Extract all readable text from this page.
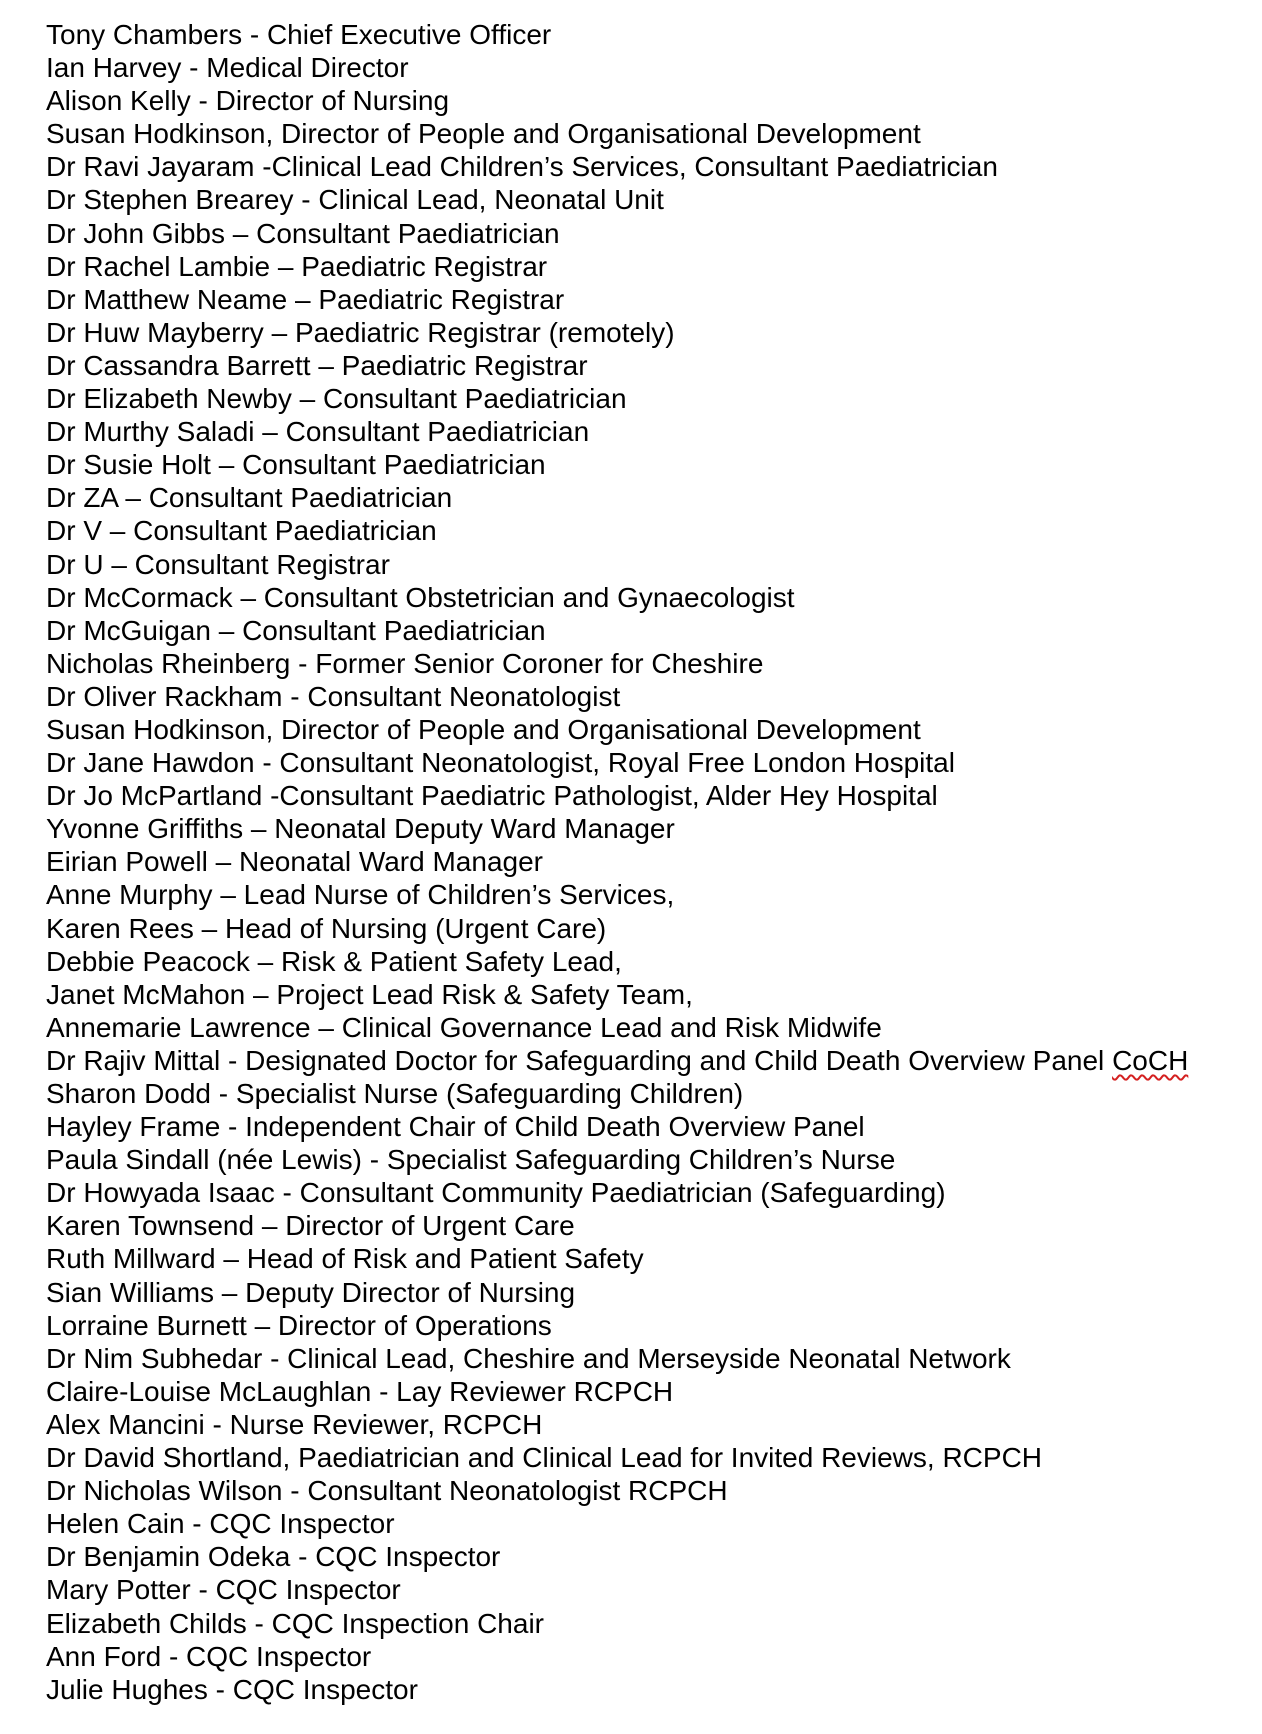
Tony Chambers - Chief Executive Officer

Ian Harvey - Medical Director

Alison Kelly - Director of Nursing

Susan Hodkinson, Director of People and Organisational Development

Dr Ravi Jayaram -Clinical Lead Children’s Services, Consultant Paediatrician

Dr Stephen Brearey - Clinical Lead, Neonatal Unit

Dr John Gibbs – Consultant Paediatrician

Dr Rachel Lambie – Paediatric Registrar

Dr Matthew Neame – Paediatric Registrar

Dr Huw Mayberry – Paediatric Registrar (remotely)

Dr Cassandra Barrett – Paediatric Registrar

Dr Elizabeth Newby – Consultant Paediatrician

Dr Murthy Saladi – Consultant Paediatrician

Dr Susie Holt – Consultant Paediatrician

Dr ZA – Consultant Paediatrician

Dr V – Consultant Paediatrician

Dr U – Consultant Registrar

Dr McCormack – Consultant Obstetrician and Gynaecologist

Dr McGuigan – Consultant Paediatrician

Nicholas Rheinberg - Former Senior Coroner for Cheshire

Dr Oliver Rackham - Consultant Neonatologist

Susan Hodkinson, Director of People and Organisational Development

Dr Jane Hawdon - Consultant Neonatologist, Royal Free London Hospital

Dr Jo McPartland -Consultant Paediatric Pathologist, Alder Hey Hospital

Yvonne Griffiths – Neonatal Deputy Ward Manager

Eirian Powell – Neonatal Ward Manager

Anne Murphy – Lead Nurse of Children’s Services,

Karen Rees – Head of Nursing (Urgent Care)

Debbie Peacock – Risk & Patient Safety Lead,

Janet McMahon – Project Lead Risk & Safety Team,

Annemarie Lawrence – Clinical Governance Lead and Risk Midwife

Dr Rajiv Mittal - Designated Doctor for Safeguarding and Child Death Overview Panel CoCH

Sharon Dodd - Specialist Nurse (Safeguarding Children)

Hayley Frame - Independent Chair of Child Death Overview Panel

Paula Sindall (née Lewis) - Specialist Safeguarding Children’s Nurse

Dr Howyada Isaac - Consultant Community Paediatrician (Safeguarding)

Karen Townsend – Director of Urgent Care

Ruth Millward – Head of Risk and Patient Safety

Sian Williams – Deputy Director of Nursing

Lorraine Burnett – Director of Operations

Dr Nim Subhedar - Clinical Lead, Cheshire and Merseyside Neonatal Network

Claire-Louise McLaughlan - Lay Reviewer RCPCH

Alex Mancini - Nurse Reviewer, RCPCH

Dr David Shortland, Paediatrician and Clinical Lead for Invited Reviews, RCPCH

Dr Nicholas Wilson - Consultant Neonatologist RCPCH

Helen Cain - CQC Inspector

Dr Benjamin Odeka - CQC Inspector

Mary Potter - CQC Inspector

Elizabeth Childs - CQC Inspection Chair

Ann Ford - CQC Inspector

Julie Hughes - CQC Inspector
